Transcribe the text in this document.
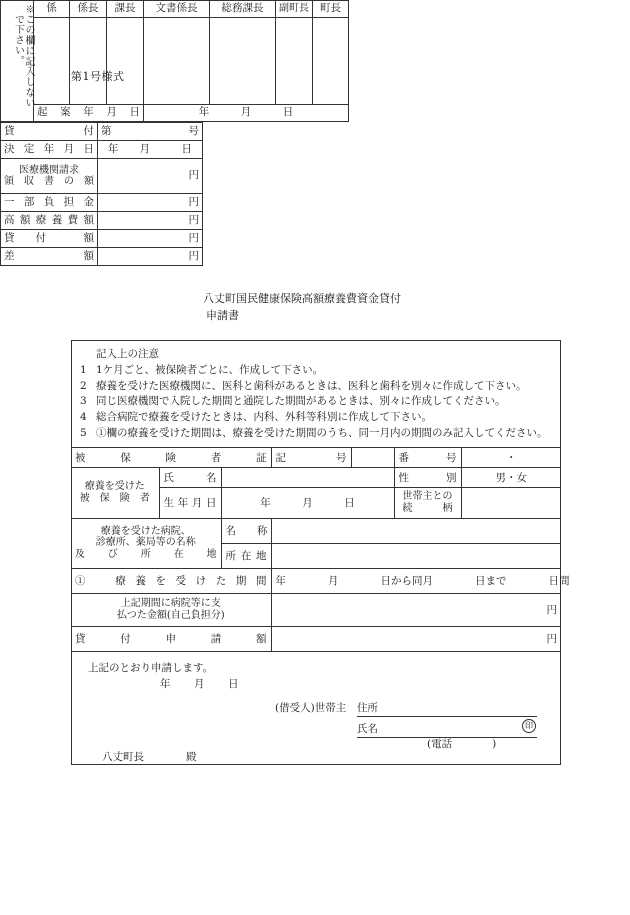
第1号様式
※この欄に記入しない
で下さい。	係	係長	課長	文書係長	総務課長	副町長	町長

	起案年月日			年　　　月　　　日			
貸　　　　付	第号

決定年月日	年　　月　　　日

医療機関請求
領　収　書　の　額	円

一部負担金	円

高額療養費額	円

貸　付　　額	円

差　　　　額	円
八丈町国民健康保険高額療養費資金貸付
申請書
記入上の注意
1 1ケ月ごと、被保険者ごとに、作成して下さい。
2 療養を受けた医療機関に、医科と歯科があるときは、医科と歯科を別々に作成して下さい。
3 同じ医療機関で入院した期間と通院した期間があるときは、別々に作成してください。
4 総合病院で療養を受けたときは、内科、外科等科別に作成して下さい。
5 ①欄の療養を受けた期間は、療養を受けた期間のうち、同一月内の期間のみ記入してください。
被　保　険　者　証			記　号		番　号	・

療養を受けた
被　保　険　者	氏　　名				性　　　別	男・女

	生年月日	年　　　月　　　日			世帯主との
続　　　柄	

療養を受けた病院、
診療所、薬局等の名称
及　　び　　所　　在　　地		名　　称				

		所在地				

①　療養を受けた期間			年　　　　月　　　　日から同月　　　　日まで　　　　日間			

上記期間に病院等に支
払つた金額(自己負担分)			円			

貸　付　申　請　額			円			
上記のとおり申請します。
年 月 日
(借受人)世帯主 住所
氏名	印
(電話	)
八丈町長	殿
